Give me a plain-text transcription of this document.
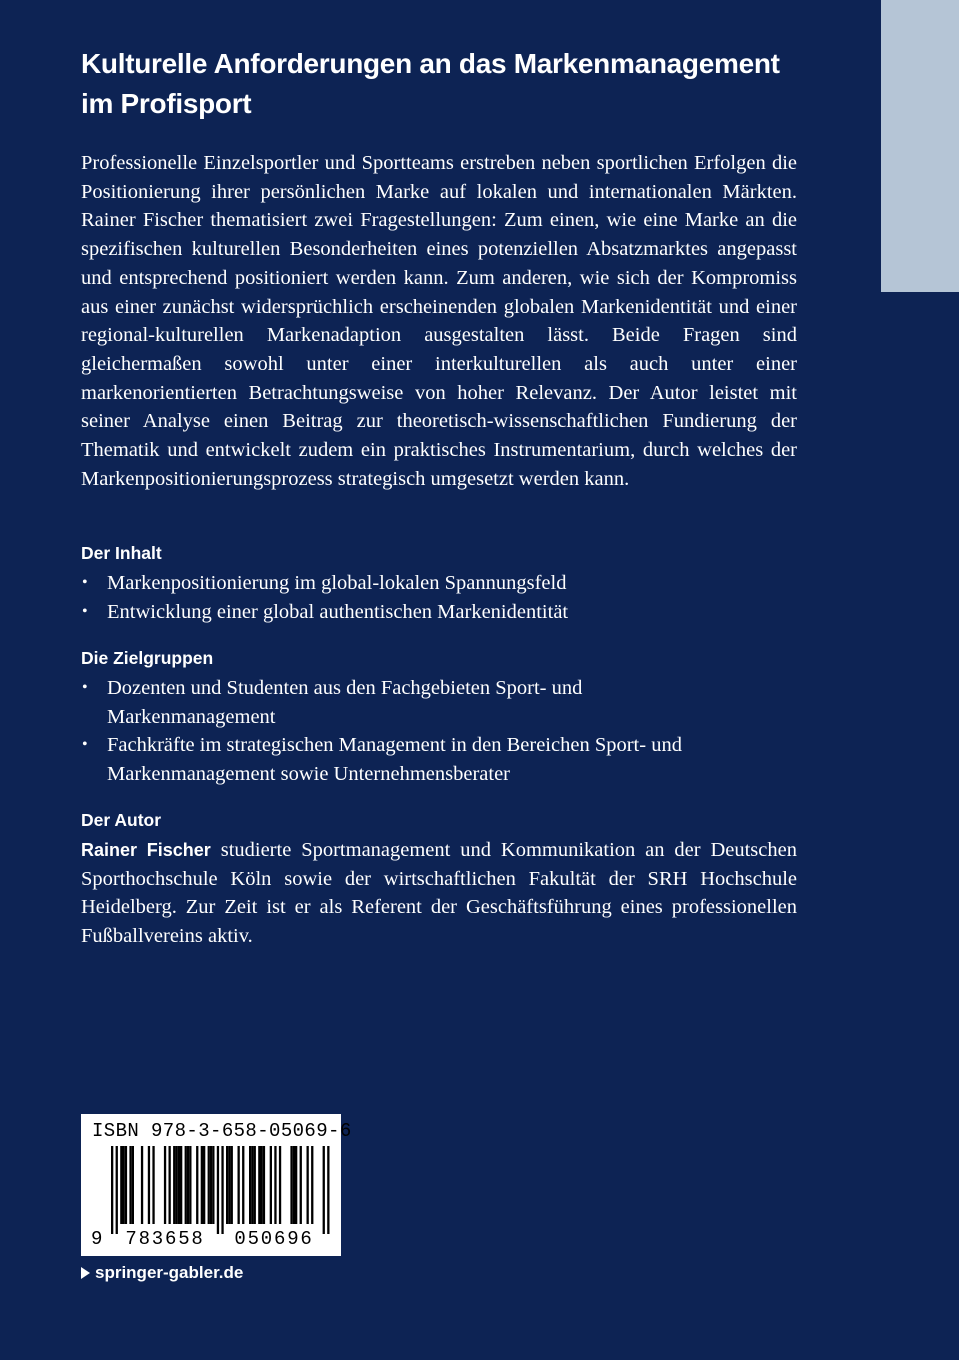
Kulturelle Anforderungen an das Markenmanagement
im Profisport
Professionelle Einzelsportler und Sportteams erstreben neben sportlichen Erfolgen die Positionierung ihrer persönlichen Marke auf lokalen und internationalen Märkten. Rainer Fischer thematisiert zwei Fragestellungen: Zum einen, wie eine Marke an die spezifischen kulturellen Besonderheiten eines potenziellen Absatzmarktes angepasst und entsprechend positioniert werden kann. Zum anderen, wie sich der Kompromiss aus einer zunächst widersprüchlich erscheinenden globalen Markenidentität und einer regional-kulturellen Markenadaption ausgestalten lässt. Beide Fragen sind gleichermaßen sowohl unter einer interkulturellen als auch unter einer markenorientierten Betrachtungsweise von hoher Relevanz. Der Autor leistet mit seiner Analyse einen Beitrag zur theoretisch-wissenschaftlichen Fundierung der Thematik und entwickelt zudem ein praktisches Instrumentarium, durch welches der Markenpositionierungsprozess strategisch umgesetzt werden kann.
Der Inhalt
• Markenpositionierung im global-lokalen Spannungsfeld
• Entwicklung einer global authentischen Markenidentität
Die Zielgruppen
• Dozenten und Studenten aus den Fachgebieten Sport- und Markenmanagement
• Fachkräfte im strategischen Management in den Bereichen Sport- und Markenmanagement sowie Unternehmensberater
Der Autor
Rainer Fischer studierte Sportmanagement und Kommunikation an der Deutschen Sporthochschule Köln sowie der wirtschaftlichen Fakultät der SRH Hochschule Heidelberg. Zur Zeit ist er als Referent der Geschäftsführung eines professionellen Fußballvereins aktiv.
ISBN 978-3-658-05069-6
9	783658	050696
springer-gabler.de
